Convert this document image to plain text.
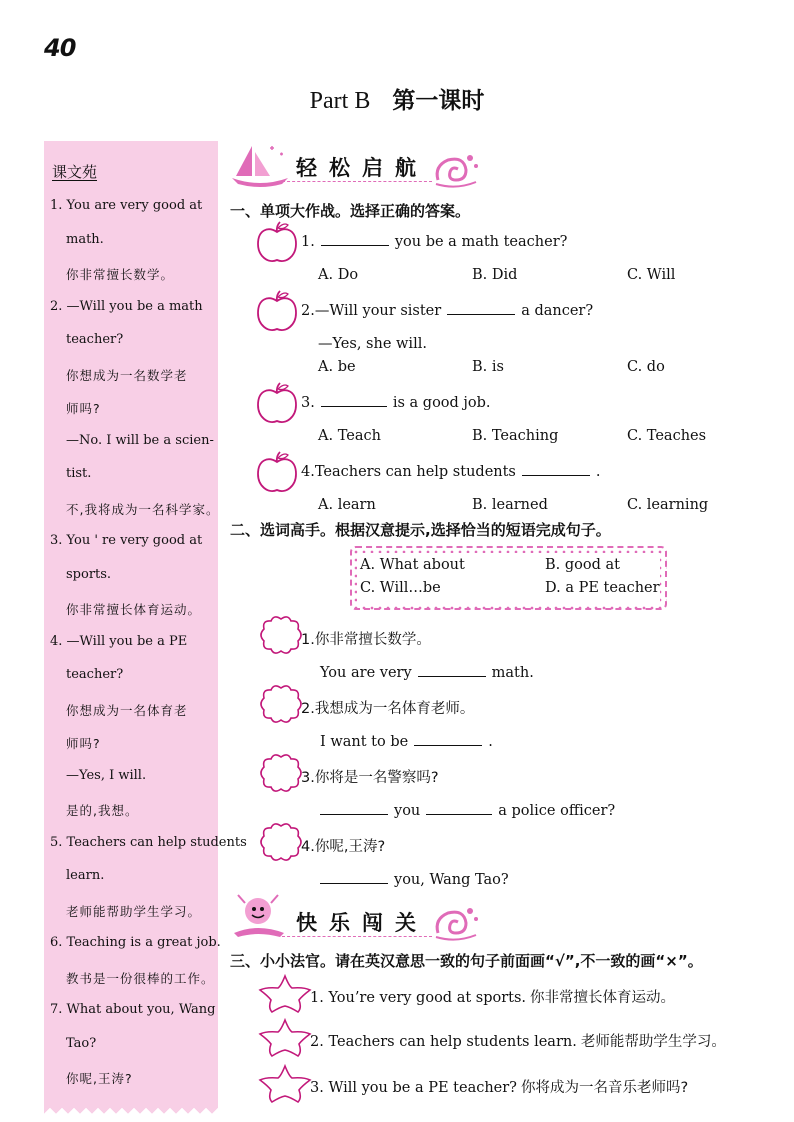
40
Part B 第一课时
课文苑
1. You are very good at
math.
你非常擅长数学。
2. —Will you be a math
teacher?
你想成为一名数学老
师吗?
—No. I will be a scien-
tist.
不,我将成为一名科学家。
3. You ' re very good at
sports.
你非常擅长体育运动。
4. —Will you be a PE
teacher?
你想成为一名体育老
师吗?
—Yes, I will.
是的,我想。
5. Teachers can help students
learn.
老师能帮助学生学习。
6. Teaching is a great job.
教书是一份很棒的工作。
7. What about you, Wang
Tao?
你呢,王涛?
轻松启航
一、单项大作战。选择正确的答案。
1.	you be a math teacher?
A. Do	B. Did	C. Will
2.—Will your sister	a dancer?
—Yes, she will.
A. be	B. is	C. do
3.	is a good job.
A. Teach	B. Teaching	C. Teaches
4.Teachers can help students	.
A. learn	B. learned	C. learning
二、选词高手。根据汉意提示,选择恰当的短语完成句子。
A. What about	B. good at
C. Will…be	D. a PE teacher
1.你非常擅长数学。
You are very	math.
2.我想成为一名体育老师。
I want to be	.
3.你将是一名警察吗?
you	a police officer?
4.你呢,王涛?
you, Wang Tao?
快乐闯关
三、小小法官。请在英汉意思一致的句子前面画“√”,不一致的画“×”。
1. You’re very good at sports. 你非常擅长体育运动。
2. Teachers can help students learn. 老师能帮助学生学习。
3. Will you be a PE teacher? 你将成为一名音乐老师吗?
